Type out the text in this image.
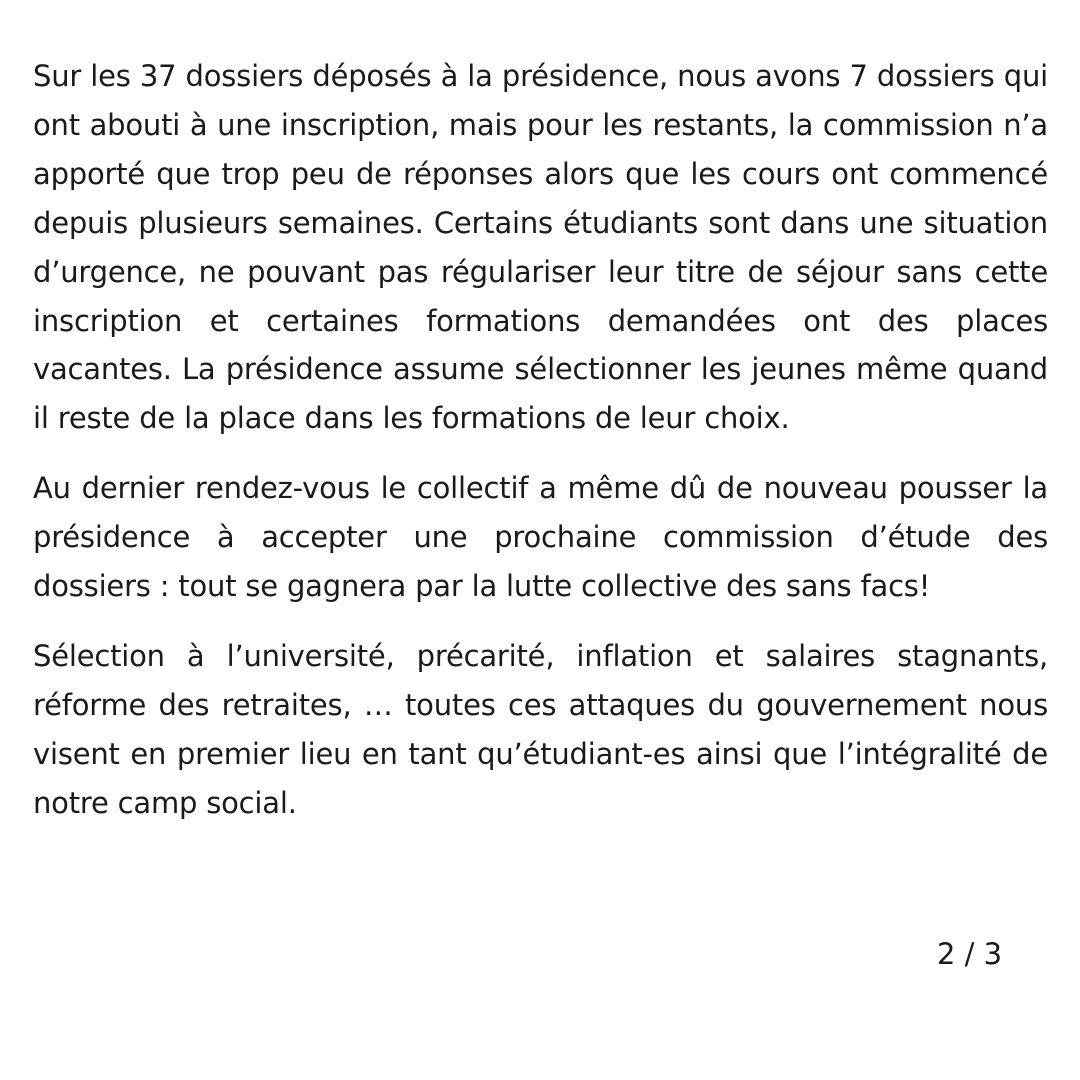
Sur les 37 dossiers déposés à la présidence, nous avons 7 dossiers qui ont abouti à une inscription, mais pour les restants, la commission n’a apporté que trop peu de réponses alors que les cours ont commencé depuis plusieurs semaines. Certains étudiants sont dans une situation d’urgence, ne pouvant pas régulariser leur titre de séjour sans cette inscription et certaines formations demandées ont des places vacantes. La présidence assume sélectionner les jeunes même quand il reste de la place dans les formations de leur choix.

Au dernier rendez-vous le collectif a même dû de nouveau pousser la présidence à accepter une prochaine commission d’étude des dossiers : tout se gagnera par la lutte collective des sans facs!

Sélection à l’université, précarité, inflation et salaires stagnants, réforme des retraites, … toutes ces attaques du gouvernement nous visent en premier lieu en tant qu’étudiant-es ainsi que l’intégralité de notre camp social.

2 / 3
